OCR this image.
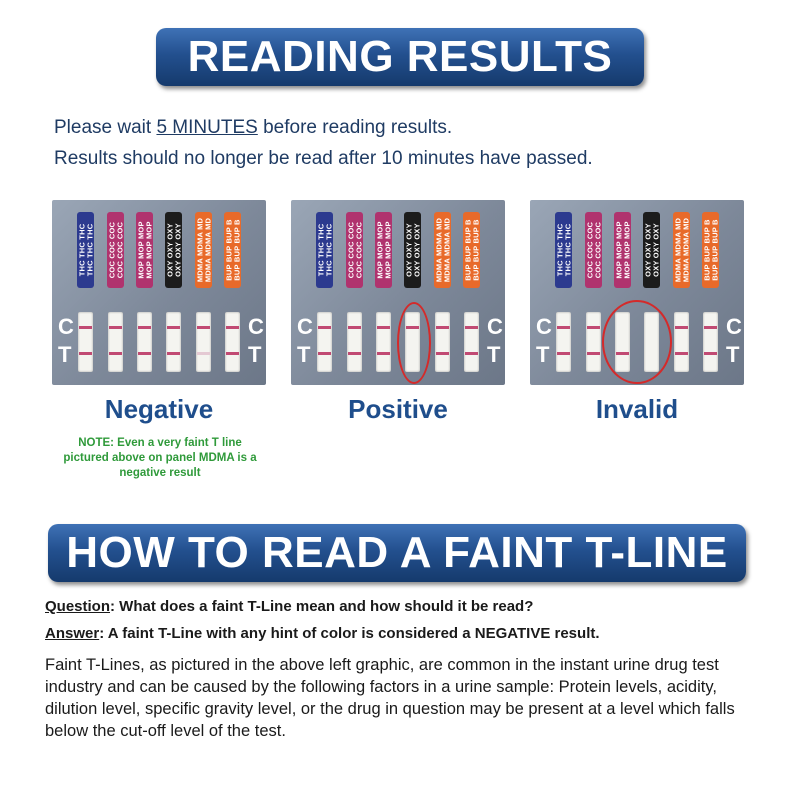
READING RESULTS
Please wait 5 MINUTES before reading results.
Results should no longer be read after 10 minutes have passed.
THC THC THC THC THC THC COC COC COC COC COC COC MOP MOP MOP MOP MOP MOP OXY OXY OXY OXY OXY OXY MDMA MDMA MD MDMA MDMA MD BUP BUP BUP B BUP BUP BUP B
C
T
C
T
THC THC THC THC THC THC COC COC COC COC COC COC MOP MOP MOP MOP MOP MOP OXY OXY OXY OXY OXY OXY MDMA MDMA MD MDMA MDMA MD BUP BUP BUP B BUP BUP BUP B
C
T
C
T
THC THC THC THC THC THC COC COC COC COC COC COC MOP MOP MOP MOP MOP MOP OXY OXY OXY OXY OXY OXY MDMA MDMA MD MDMA MDMA MD BUP BUP BUP B BUP BUP BUP B
C
T
C
T
Negative	Positive	Invalid
NOTE: Even a very faint T line pictured above on panel MDMA is a negative result
HOW TO READ A FAINT T-LINE
Question: What does a faint T-Line mean and how should it be read?
Answer: A faint T-Line with any hint of color is considered a NEGATIVE result.
Faint T-Lines, as pictured in the above left graphic, are common in the instant urine drug test industry and can be caused by the following factors in a urine sample: Protein levels, acidity, dilution level, specific gravity level, or the drug in question may be present at a level which falls below the cut-off level of the test.
